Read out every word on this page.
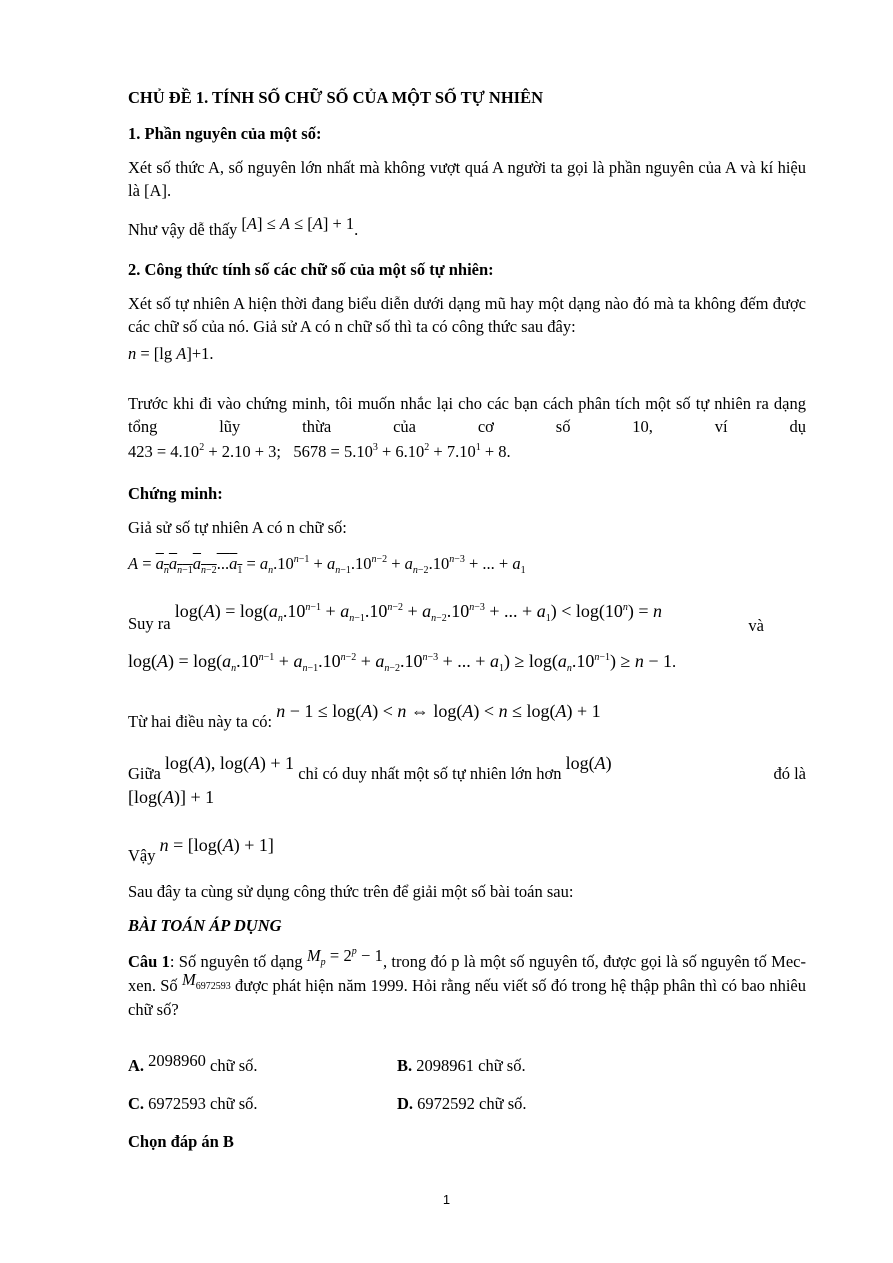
CHỦ ĐỀ 1. TÍNH SỐ CHỮ SỐ CỦA MỘT SỐ TỰ NHIÊN
1. Phần nguyên của một số:
Xét số thức A, số nguyên lớn nhất mà không vượt quá A người ta gọi là phần nguyên của A và kí hiệu là [A].
Như vậy dễ thấy [A] ≤ A ≤ [A] + 1.
2. Công thức tính số các chữ số của một số tự nhiên:
Xét số tự nhiên A hiện thời đang biểu diễn dưới dạng mũ hay một dạng nào đó mà ta không đếm được các chữ số của nó. Giả sử A có n chữ số thì ta có công thức sau đây:
n = [lg A]+1.
Trước khi đi vào chứng minh, tôi muốn nhắc lại cho các bạn cách phân tích một số tự nhiên ra dạng tổng lũy thừa của cơ số 10, ví dụ
$423 = 4.10^2 + 2.10 + 3$; $5678 = 5.10^3 + 6.10^2 + 7.10^1 + 8$.
Chứng minh:
Giả sử số tự nhiên A có n chữ số:
$A = a_na_{n-1}a_{n-2}...a_1 = a_n.10^{n-1} + a_{n-1}.10^{n-2} + a_{n-2}.10^{n-3}$ + ... + $a_1$
Suy ra $\log(A) = \log(a_n.10^{n-1} + a_{n-1}.10^{n-2} + a_{n-2}.10^{n-3}$ + ... + $a_1) < \log(10^n) = n$
và
$\log(A) = \log(a_n.10^{n-1} + a_{n-1}.10^{n-2} + a_{n-2}.10^{n-3}$ + ... + $a_1) \ge \log(a_n.10^{n-1}) \ge n - 1$.
Từ hai điều này ta có: n − 1 ≤ log(A) < n ⇔ log(A) < n ≤ log(A) + 1
Giữa log(A), log(A) + 1 chỉ có duy nhất một số tự nhiên lớn hơn log(A)
đó là
[log(A)] + 1
Vậy n = [log(A) + 1]
Sau đây ta cùng sử dụng công thức trên để giải một số bài toán sau:
BÀI TOÁN ÁP DỤNG
Câu 1: Số nguyên tố dạng $M_p = 2^p - 1$, trong đó p là một số nguyên tố, được gọi là số nguyên tố Mec-xen. Số $M_{6972593}$ được phát hiện năm 1999. Hỏi rằng nếu viết số đó trong hệ thập phân thì có bao nhiêu chữ số?
A. 2098960 chữ số.	B. 2098961 chữ số.
C. 6972593 chữ số.	D. 6972592 chữ số.
Chọn đáp án B
1
